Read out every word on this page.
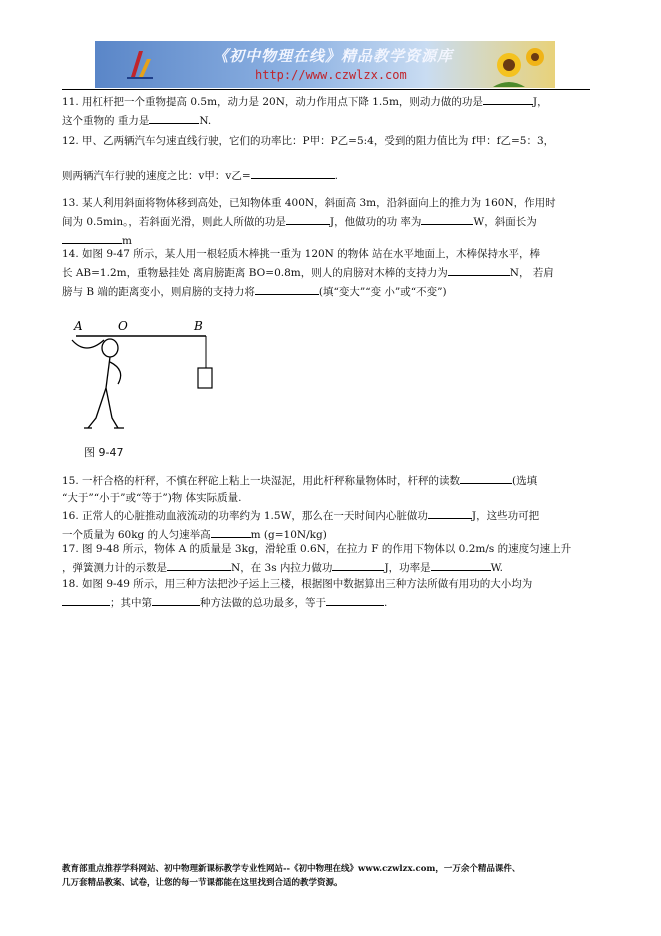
《初中物理在线》精品教学资源库
http://www.czwlzx.com
11. 用杠杆把一个重物提高 0.5m，动力是 20N，动力作用点下降 1.5m，则动力做的功是	J，
这个重物的 重力是	N.
12. 甲、乙两辆汽车匀速直线行驶，它们的功率比：P甲：P乙=5:4，受到的阻力值比为 f甲：f乙=5：3，
则两辆汽车行驶的速度之比：v甲：v乙=	.
13. 某人利用斜面将物体移到高处，已知物体重 400N，斜面高 3m，沿斜面向上的推力为 160N，作用时
间为 0.5min。，若斜面光滑，则此人所做的功是	J，他做功的功 率为	W，斜面长为
m
14. 如图 9-47 所示，某人用一根轻质木棒挑一重为 120N 的物体 站在水平地面上，木棒保持水平，棒
长 AB=1.2m，重物悬挂处 离肩膀距离 BO=0.8m，则人的肩膀对木棒的支持力为	N， 若肩
膀与 B 端的距离变小，则肩膀的支持力将	(填“变大”“变 小”或“不变”)
A	O	B
图 9-47
15. 一杆合格的杆秤，不慎在秤砣上粘上一块湿泥，用此杆秤称量物体时，杆秤的读数	(选填
“大于”“小于”或“等于”)物 体实际质量.
16. 正常人的心脏推动血液流动的功率约为 1.5W，那么在一天时间内心脏做功	J，这些功可把
一个质量为 60kg 的人匀速举高	m (g=10N/kg)
17. 图 9-48 所示，物体 A 的质量是 3kg，滑轮重 0.6N，在拉力 F 的作用下物体以 0.2m/s 的速度匀速上升
，弹簧测力计的示数是	N，在 3s 内拉力做功	J，功率是	W.
18. 如图 9-49 所示，用三种方法把沙子运上三楼，根据图中数据算出三种方法所做有用功的大小均为
；其中第	种方法做的总功最多，等于	.
教育部重点推荐学科网站、初中物理新课标教学专业性网站--《初中物理在线》www.czwlzx.com，一万余个精品课件、
几万套精品教案、试卷，让您的每一节课都能在这里找到合适的教学资源。
